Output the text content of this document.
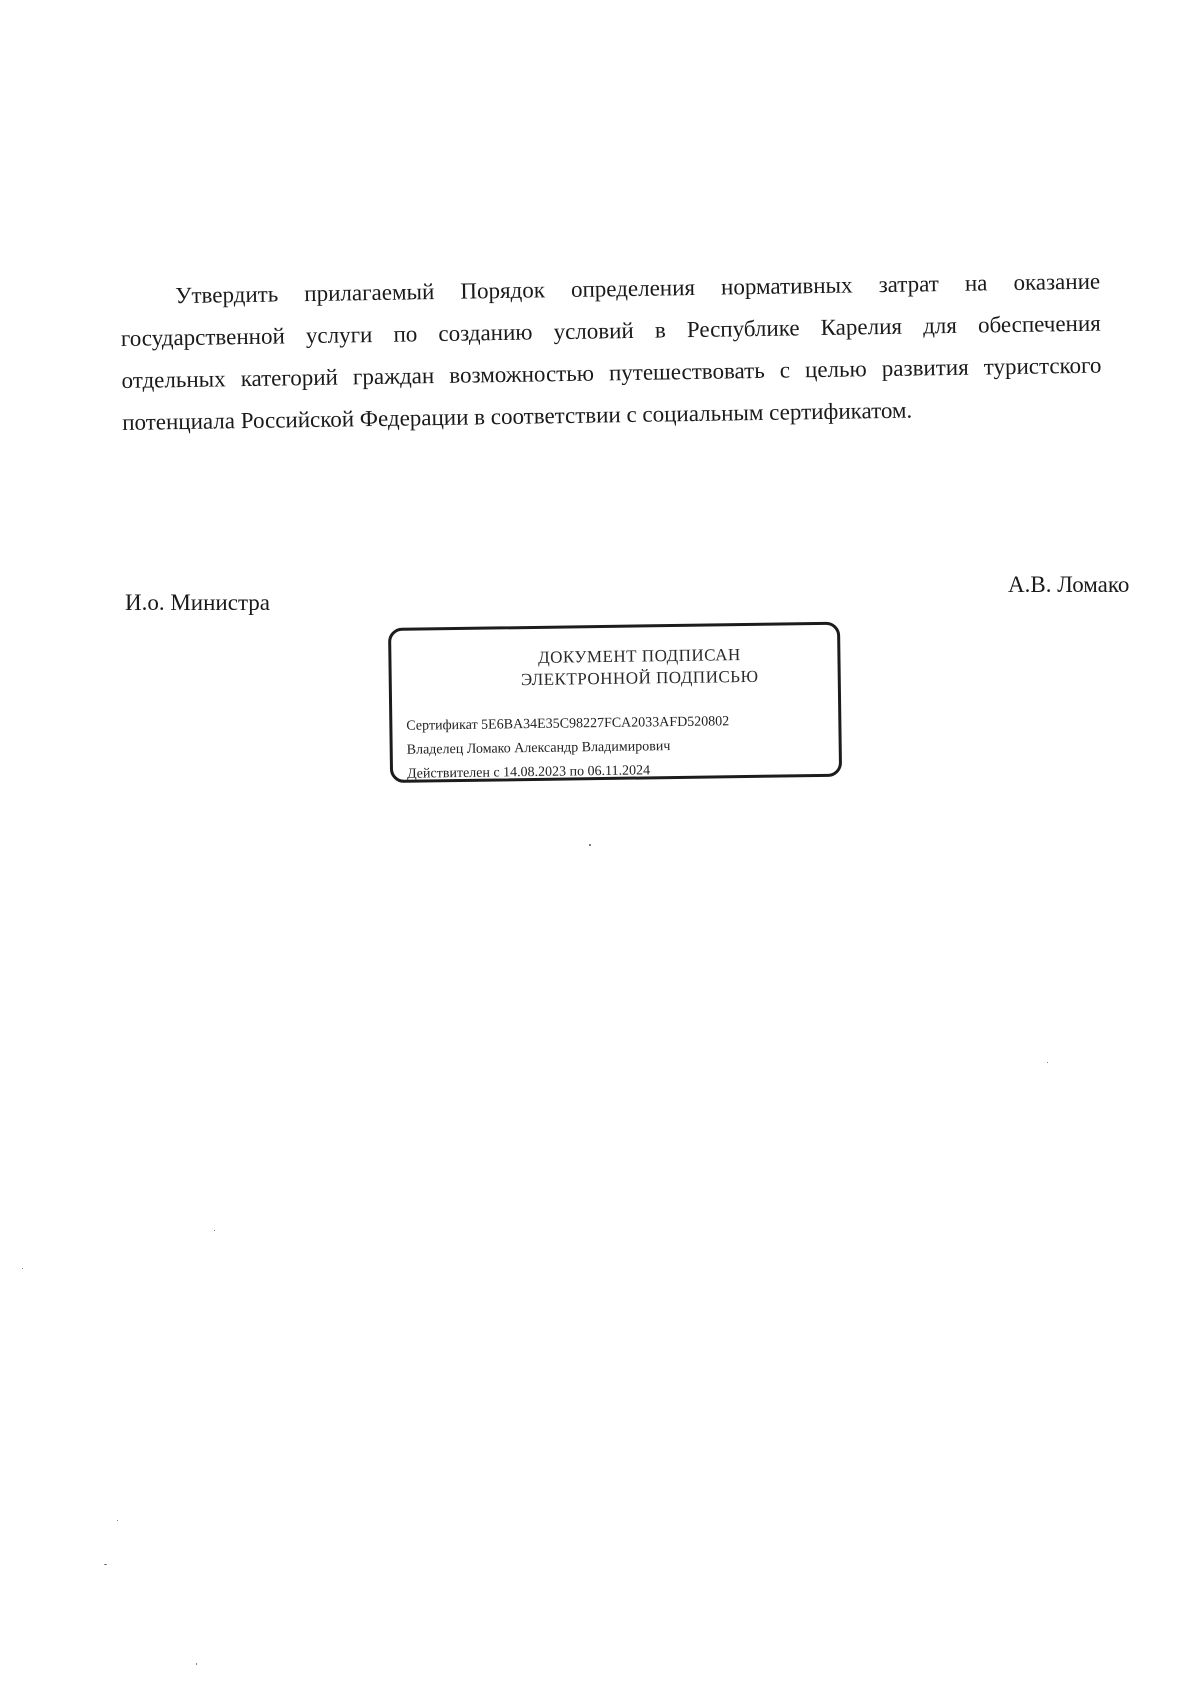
Утвердить прилагаемый Порядок определения нормативных затрат на оказание
государственной услуги по созданию условий в Республике Карелия для обеспечения
отдельных категорий граждан возможностью путешествовать с целью развития туристского
потенциала Российской Федерации в соответствии с социальным сертификатом.
И.о. Министра
А.В. Ломако
ДОКУМЕНТ ПОДПИСАН
ЭЛЕКТРОННОЙ ПОДПИСЬЮ
Сертификат 5E6BA34E35C98227FCA2033AFD520802
Владелец Ломако Александр Владимирович
Действителен с 14.08.2023 по 06.11.2024
